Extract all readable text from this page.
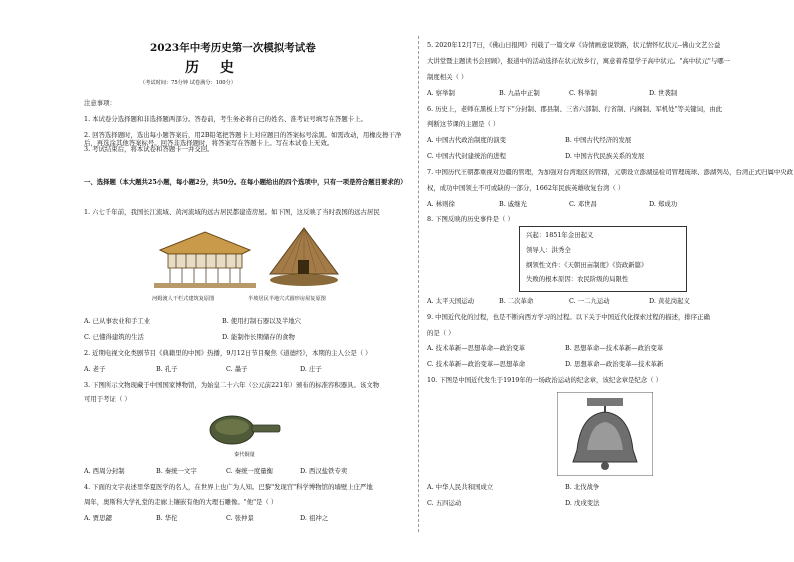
2023年中考历史第一次模拟考试卷
历 史
（考试时间：75分钟 试卷满分：100分）
注意事项：
1. 本试卷分选择题和非选择题两部分。答卷前，考生务必将自己的姓名、准考证号填写在答题卡上。
2. 回答选择题时，选出每小题答案后，用2B铅笔把答题卡上对应题目的答案标号涂黑。如需改动，用橡皮擦干净后，再选涂其他答案标号。回答非选择题时，将答案写在答题卡上。写在本试卷上无效。
3. 考试结束后，将本试卷和答题卡一并交回。
一、选择题（本大题共25小题，每小题2分，共50分。在每小题给出的四个选项中，只有一项是符合题目要求的）
1. 六七千年前，我国长江流域、黄河流域的远古居民都建造房屋。如下图，这反映了当时我国的远古居民
河姆渡人干栏式建筑复原图	半坡居民半地穴式圆形房屋复原图
A. 已从事农业和手工业	B. 使用打制石器以及半地穴
C. 已懂得建筑的生活	D. 能制作长期储存的食物
2. 近期电视文化类剧节目《典籍里的中国》热播，9月12日节目聚焦《道德经》，本期的主人公是（ ）
A. 老子	B. 孔子	C. 墨子	D. 庄子
3. 下图所示文物现藏于中国国家博物馆，为始皇二十六年（公元前221年）颁布的标准容积器具。该文物
可用于考证（ ）
秦代铜量
A. 西周分封制	B. 秦统一文字	C. 秦统一度量衡	D. 西汉盐铁专卖
4. 下面的文字表述里华夏医学的名人，在世界上也广为人知。巴黎"发现宫"科学博物馆的墙壁上庄严地
周年，奥斯科大学礼堂的走廊上镶嵌有他的大理石雕像。"他"是（ ）
A. 贾思勰	B. 华佗	C. 张仲景	D. 祖冲之
5. 2020年12月7日，《佛山日报网》刊载了一篇文章《诗情画意说铁路，状元情怀忆状元--佛山文艺公益
大讲堂暨主题读书会回顾》，报道中的活动选择在状元故乡行，寓意着希望学子高中状元。"高中状元"与哪一
制度相关（ ）
A. 察举制	B. 九品中正制	C. 科举制	D. 世袭制
6. 历史上，老师在黑板上写下"分封制、郡县制、三省六部制、行省制、内阁制、军机处"等关键词，由此
判断这节课的主题是（ ）
A. 中国古代政治制度的演变	B. 中国古代经济的发展
C. 中国古代封建统治的进程	D. 中国古代民族关系的发展
7. 中国历代王朝都重视对边疆的管理，为加强对台湾地区的管辖，元朝设立澎湖巡检司管理琉球、澎湖列岛，台湾正式归属中央政
权，成功中国领土不可或缺的一部分，1662年民族英雄收复台湾（ ）
A. 林则徐	B. 戚继光	C. 邓世昌	D. 郑成功
8. 下图反映的历史事件是（ ）
兴起：1851年金田起义
领导人：洪秀全
纲领性文件：《天朝田亩制度》《资政新篇》
失败的根本原因：农民阶级的局限性
A. 太平天国运动	B. 二次革命	C. 一二九运动	D. 黄花岗起义
9. 中国近代化的过程，也是不断向西方学习的过程。以下关于中国近代化探索过程的描述，排序正确
的是（ ）
A. 技术革新—思想革命—政治变革	B. 思想革命—技术革新—政治变革
C. 技术革新—政治变革—思想革命	D. 思想革命—政治变革—技术革新
10. 下图是中国近代发生于1919年的一场政治运动的纪念章，该纪念章是纪念（ ）
A. 中华人民共和国成立	B. 北伐战争
C. 五四运动	D. 戊戌变法
